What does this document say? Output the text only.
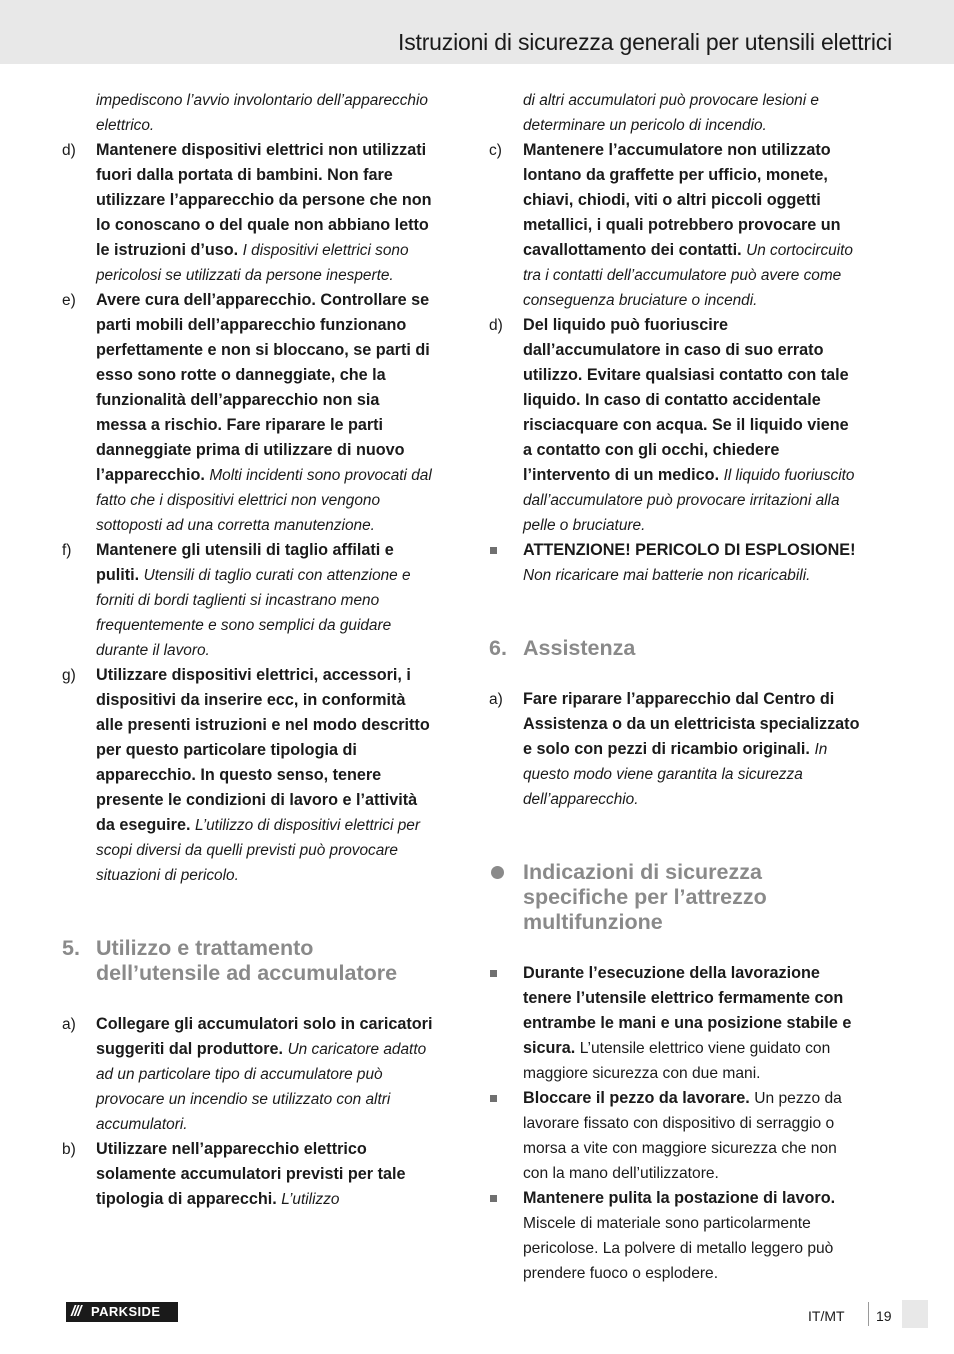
Istruzioni di sicurezza generali per utensili elettrici
impediscono l’avvio involontario dell’apparecchio elettrico.
d) Mantenere dispositivi elettrici non utilizzati fuori dalla portata di bambini. Non fare utilizzare l’apparecchio da persone che non lo conoscano o del quale non abbiano letto le istruzioni d’uso. I dispositivi elettrici sono pericolosi se utilizzati da persone inesperte.
e) Avere cura dell’apparecchio. Controllare se parti mobili dell’apparecchio funzionano perfettamente e non si bloccano, se parti di esso sono rotte o danneggiate, che la funzionalità dell’apparecchio non sia messa a rischio. Fare riparare le parti danneggiate prima di utilizzare di nuovo l’apparecchio. Molti incidenti sono provocati dal fatto che i dispositivi elettrici non vengono sottoposti ad una corretta manutenzione.
f) Mantenere gli utensili di taglio affilati e puliti. Utensili di taglio curati con attenzione e forniti di bordi taglienti si incastrano meno frequentemente e sono semplici da guidare durante il lavoro.
g) Utilizzare dispositivi elettrici, accessori, i dispositivi da inserire ecc, in conformità alle presenti istruzioni e nel modo descritto per questo particolare tipologia di apparecchio. In questo senso, tenere presente le condizioni di lavoro e l’attività da eseguire. L’utilizzo di dispositivi elettrici per scopi diversi da quelli previsti può provocare situazioni di pericolo.
5. Utilizzo e trattamento dell’utensile ad accumulatore
a) Collegare gli accumulatori solo in caricatori suggeriti dal produttore. Un caricatore adatto ad un particolare tipo di accumulatore può provocare un incendio se utilizzato con altri accumulatori.
b) Utilizzare nell’apparecchio elettrico solamente accumulatori previsti per tale tipologia di apparecchi. L’utilizzo
di altri accumulatori può provocare lesioni e determinare un pericolo di incendio.
c) Mantenere l’accumulatore non utilizzato lontano da graffette per ufficio, monete, chiavi, chiodi, viti o altri piccoli oggetti metallici, i quali potrebbero provocare un cavallottamento dei contatti. Un cortocircuito tra i contatti dell’accumulatore può avere come conseguenza bruciature o incendi.
d) Del liquido può fuoriuscire dall’accumulatore in caso di suo errato utilizzo. Evitare qualsiasi contatto con tale liquido. In caso di contatto accidentale risciacquare con acqua. Se il liquido viene a contatto con gli occhi, chiedere l’intervento di un medico. Il liquido fuoriuscito dall’accumulatore può provocare irritazioni alla pelle o bruciature.
ATTENZIONE! PERICOLO DI ESPLOSIONE!
Non ricaricare mai batterie non ricaricabili.
6. Assistenza
a) Fare riparare l’apparecchio dal Centro di Assistenza o da un elettricista specializzato e solo con pezzi di ricambio originali. In questo modo viene garantita la sicurezza dell’apparecchio.
Indicazioni di sicurezza specifiche per l’attrezzo multifunzione
Durante l’esecuzione della lavorazione tenere l’utensile elettrico fermamente con entrambe le mani e una posizione stabile e sicura. L’utensile elettrico viene guidato con maggiore sicurezza con due mani.
Bloccare il pezzo da lavorare. Un pezzo da lavorare fissato con dispositivo di serraggio o morsa a vite con maggiore sicurezza che non con la mano dell’utilizzatore.
Mantenere pulita la postazione di lavoro. Miscele di materiale sono particolarmente pericolose. La polvere di metallo leggero può prendere fuoco o esplodere.
/// PARKSIDE	IT/MT 19
